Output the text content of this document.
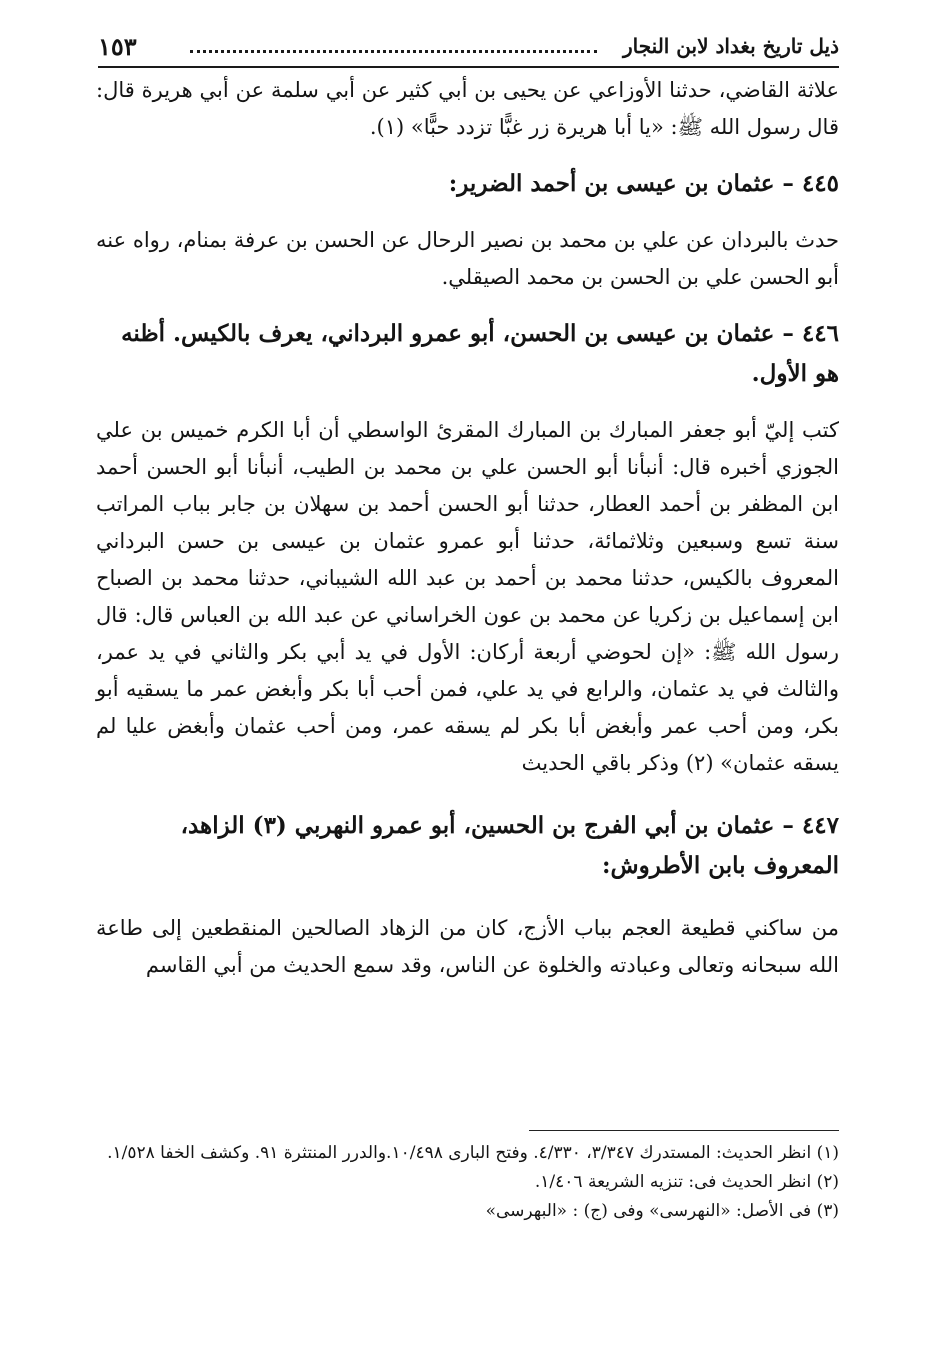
ذيل تاريخ بغداد لابن النجار
١٥٣

علاثة القاضي، حدثنا الأوزاعي عن يحيى بن أبي كثير عن أبي سلمة عن أبي هريرة قال: قال رسول الله ﷺ: «يا أبا هريرة زر غبًّا تزدد حبًّا» (١).

٤٤٥ – عثمان بن عيسى بن أحمد الضرير:

حدث بالبردان عن علي بن محمد بن نصير الرحال عن الحسن بن عرفة بمنام، رواه عنه أبو الحسن علي بن الحسن بن محمد الصيقلي.

٤٤٦ – عثمان بن عيسى بن الحسن، أبو عمرو البرداني، يعرف بالكيس. أظنه هو الأول.

كتب إليّ أبو جعفر المبارك بن المبارك المقرئ الواسطي أن أبا الكرم خميس بن علي الجوزي أخبره قال: أنبأنا أبو الحسن علي بن محمد بن الطيب، أنبأنا أبو الحسن أحمد ابن المظفر بن أحمد العطار، حدثنا أبو الحسن أحمد بن سهلان بن جابر بباب المراتب سنة تسع وسبعين وثلاثمائة، حدثنا أبو عمرو عثمان بن عيسى بن حسن البرداني المعروف بالكيس، حدثنا محمد بن أحمد بن عبد الله الشيباني، حدثنا محمد بن الصباح ابن إسماعيل بن زكريا عن محمد بن عون الخراساني عن عبد الله بن العباس قال: قال رسول الله ﷺ: «إن لحوضي أربعة أركان: الأول في يد أبي بكر والثاني في يد عمر، والثالث في يد عثمان، والرابع في يد علي، فمن أحب أبا بكر وأبغض عمر ما يسقيه أبو بكر، ومن أحب عمر وأبغض أبا بكر لم يسقه عمر، ومن أحب عثمان وأبغض عليا لم يسقه عثمان» (٢) وذكر باقي الحديث

٤٤٧ – عثمان بن أبي الفرج بن الحسين، أبو عمرو النهربي (٣) الزاهد، المعروف بابن الأطروش:

من ساكني قطيعة العجم بباب الأزج، كان من الزهاد الصالحين المنقطعين إلى طاعة الله سبحانه وتعالى وعبادته والخلوة عن الناس، وقد سمع الحديث من أبي القاسم

(١) انظر الحديث: المستدرك ٣/٣٤٧، ٤/٣٣٠. وفتح البارى ١٠/٤٩٨.والدرر المنتثرة ٩١. وكشف الخفا ١/٥٢٨.

(٢) انظر الحديث فى: تنزيه الشريعة ١/٤٠٦.

(٣) فى الأصل: «النهرسى» وفى (ج) : «البهرسى»
